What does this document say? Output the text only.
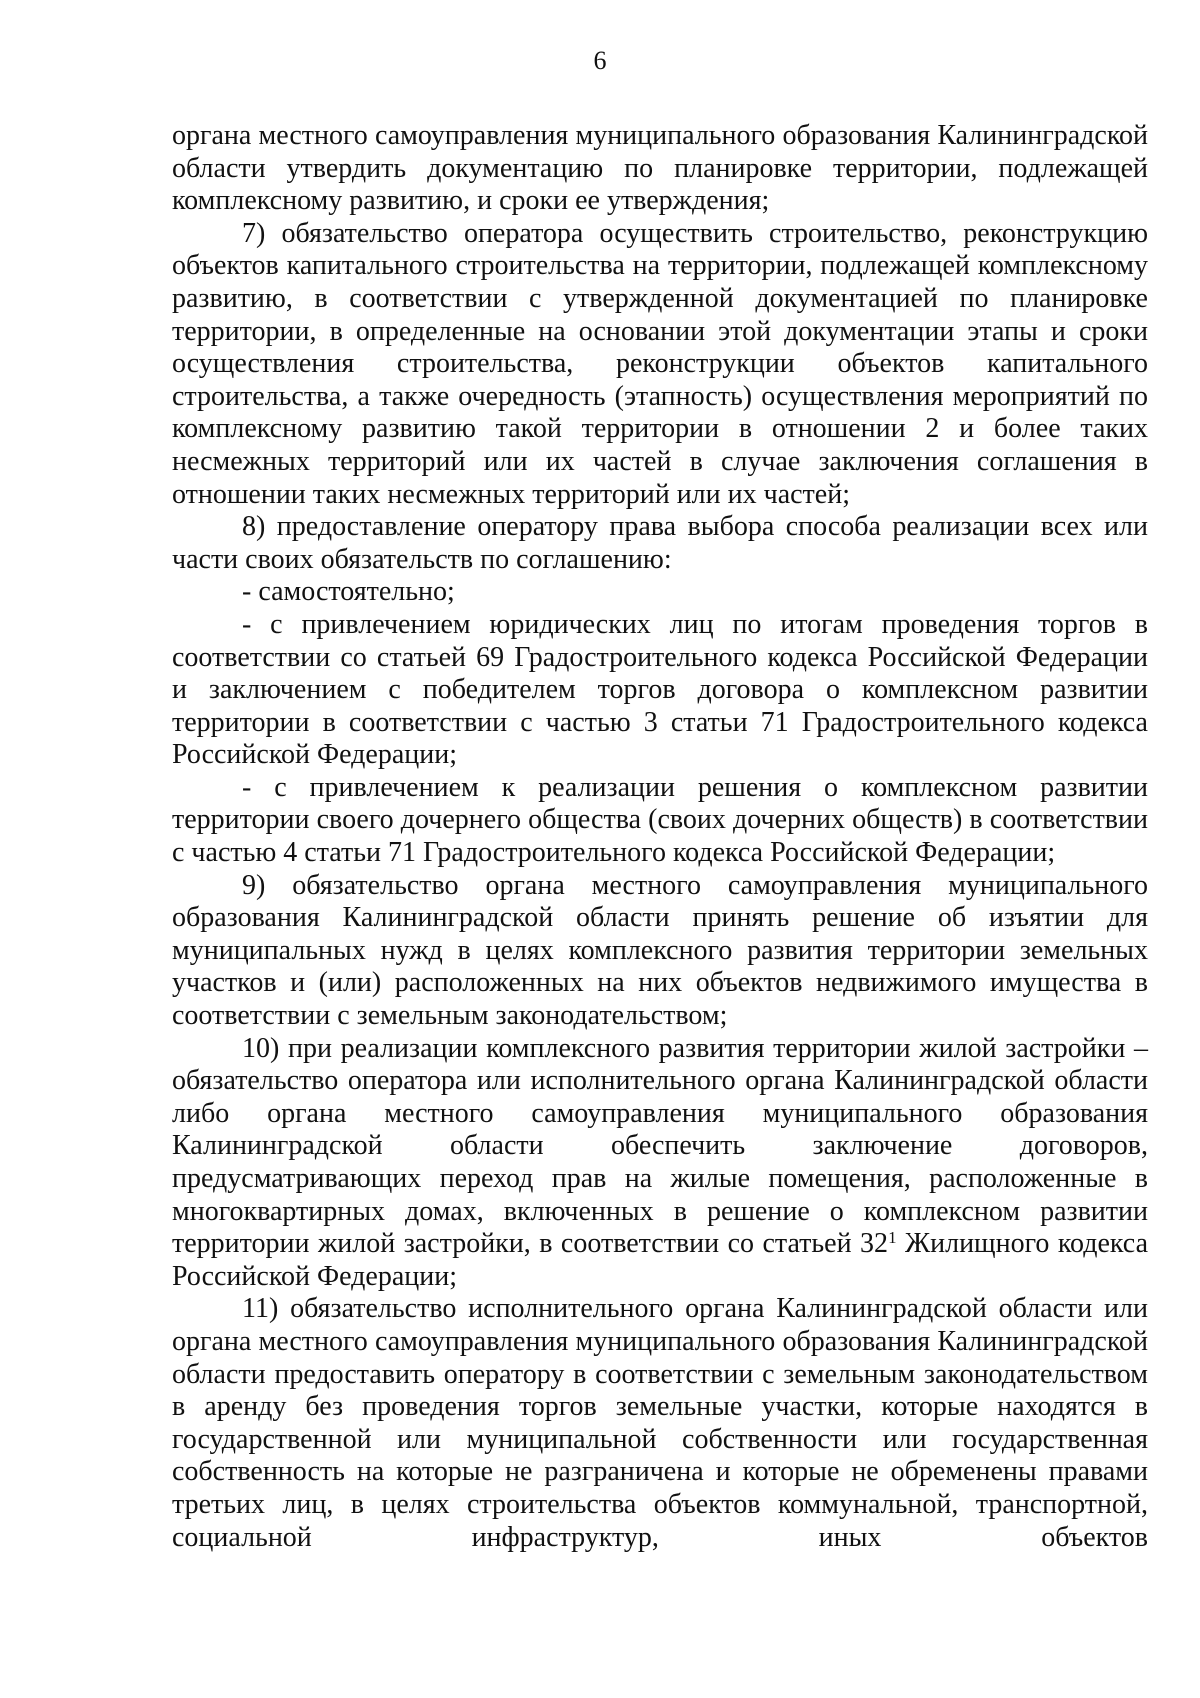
6

органа местного самоуправления муниципального образования Калининградской области утвердить документацию по планировке территории, подлежащей комплексному развитию, и сроки ее утверждения;

7) обязательство оператора осуществить строительство, реконструкцию объектов капитального строительства на территории, подлежащей комплексному развитию, в соответствии с утвержденной документацией по планировке территории, в определенные на основании этой документации этапы и сроки осуществления строительства, реконструкции объектов капитального строительства, а также очередность (этапность) осуществления мероприятий по комплексному развитию такой территории в отношении 2 и более таких несмежных территорий или их частей в случае заключения соглашения в отношении таких несмежных территорий или их частей;

8) предоставление оператору права выбора способа реализации всех или части своих обязательств по соглашению:

- самостоятельно;

- с привлечением юридических лиц по итогам проведения торгов в соответствии со статьей 69 Градостроительного кодекса Российской Федерации и заключением с победителем торгов договора о комплексном развитии территории в соответствии с частью 3 статьи 71 Градостроительного кодекса Российской Федерации;

- с привлечением к реализации решения о комплексном развитии территории своего дочернего общества (своих дочерних обществ) в соответствии с частью 4 статьи 71 Градостроительного кодекса Российской Федерации;

9) обязательство органа местного самоуправления муниципального образования Калининградской области принять решение об изъятии для муниципальных нужд в целях комплексного развития территории земельных участков и (или) расположенных на них объектов недвижимого имущества в соответствии с земельным законодательством;

10) при реализации комплексного развития территории жилой застройки – обязательство оператора или исполнительного органа Калининградской области либо органа местного самоуправления муниципального образования Калининградской области обеспечить заключение договоров, предусматривающих переход прав на жилые помещения, расположенные в многоквартирных домах, включенных в решение о комплексном развитии территории жилой застройки, в соответствии со статьей $32^1$ Жилищного кодекса Российской Федерации;

11) обязательство исполнительного органа Калининградской области или органа местного самоуправления муниципального образования Калининградской области предоставить оператору в соответствии с земельным законодательством в аренду без проведения торгов земельные участки, которые находятся в государственной или муниципальной собственности или государственная собственность на которые не разграничена и которые не обременены правами третьих лиц, в целях строительства объектов коммунальной, транспортной, социальной инфраструктур, иных объектов
